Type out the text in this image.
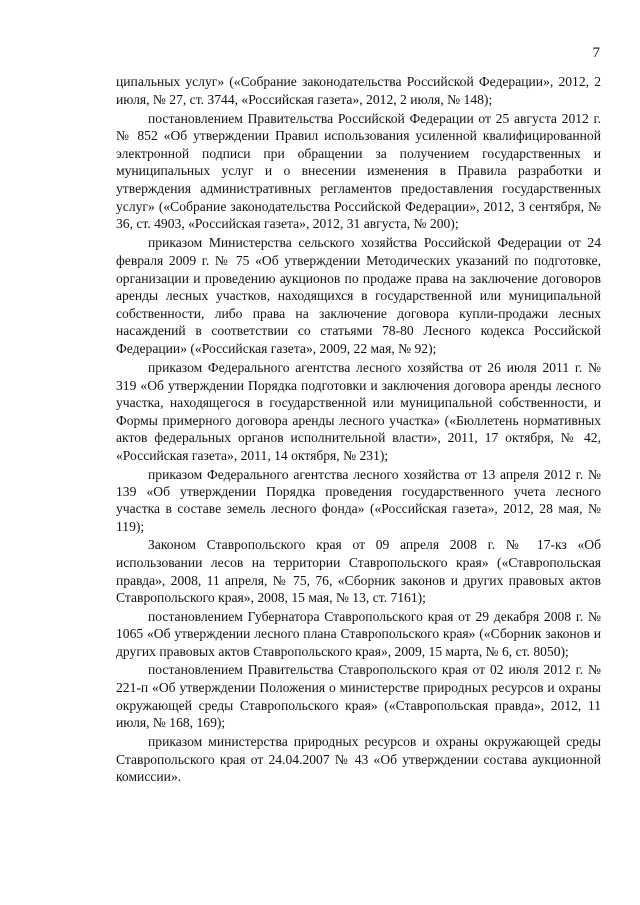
7

ципальных услуг» («Собрание законодательства Российской Федерации», 2012, 2 июля, № 27, ст. 3744, «Российская газета», 2012, 2 июля, № 148);

постановлением Правительства Российской Федерации от 25 августа 2012 г. № 852 «Об утверждении Правил использования усиленной квалифицированной электронной подписи при обращении за получением государственных и муниципальных услуг и о внесении изменения в Правила разработки и утверждения административных регламентов предоставления государственных услуг» («Собрание законодательства Российской Федерации», 2012, 3 сентября, № 36, ст. 4903, «Российская газета», 2012, 31 августа, № 200);

приказом Министерства сельского хозяйства Российской Федерации от 24 февраля 2009 г. № 75 «Об утверждении Методических указаний по подготовке, организации и проведению аукционов по продаже права на заключение договоров аренды лесных участков, находящихся в государственной или муниципальной собственности, либо права на заключение договора купли-продажи лесных насаждений в соответствии со статьями 78-80 Лесного кодекса Российской Федерации» («Российская газета», 2009, 22 мая, № 92);

приказом Федерального агентства лесного хозяйства от 26 июля 2011 г. № 319 «Об утверждении Порядка подготовки и заключения договора аренды лесного участка, находящегося в государственной или муниципальной собственности, и Формы примерного договора аренды лесного участка» («Бюллетень нормативных актов федеральных органов исполнительной власти», 2011, 17 октября, № 42, «Российская газета», 2011, 14 октября, № 231);

приказом Федерального агентства лесного хозяйства от 13 апреля 2012 г. № 139 «Об утверждении Порядка проведения государственного учета лесного участка в составе земель лесного фонда» («Российская газета», 2012, 28 мая, № 119);

Законом Ставропольского края от 09 апреля 2008 г. № 17-кз «Об использовании лесов на территории Ставропольского края» («Ставропольская правда», 2008, 11 апреля, № 75, 76, «Сборник законов и других правовых актов Ставропольского края», 2008, 15 мая, № 13, ст. 7161);

постановлением Губернатора Ставропольского края от 29 декабря 2008 г. № 1065 «Об утверждении лесного плана Ставропольского края» («Сборник законов и других правовых актов Ставропольского края», 2009, 15 марта, № 6, ст. 8050);

постановлением Правительства Ставропольского края от 02 июля 2012 г. № 221-п «Об утверждении Положения о министерстве природных ресурсов и охраны окружающей среды Ставропольского края» («Ставропольская правда», 2012, 11 июля, № 168, 169);

приказом министерства природных ресурсов и охраны окружающей среды Ставропольского края от 24.04.2007 № 43 «Об утверждении состава аукционной комиссии».
